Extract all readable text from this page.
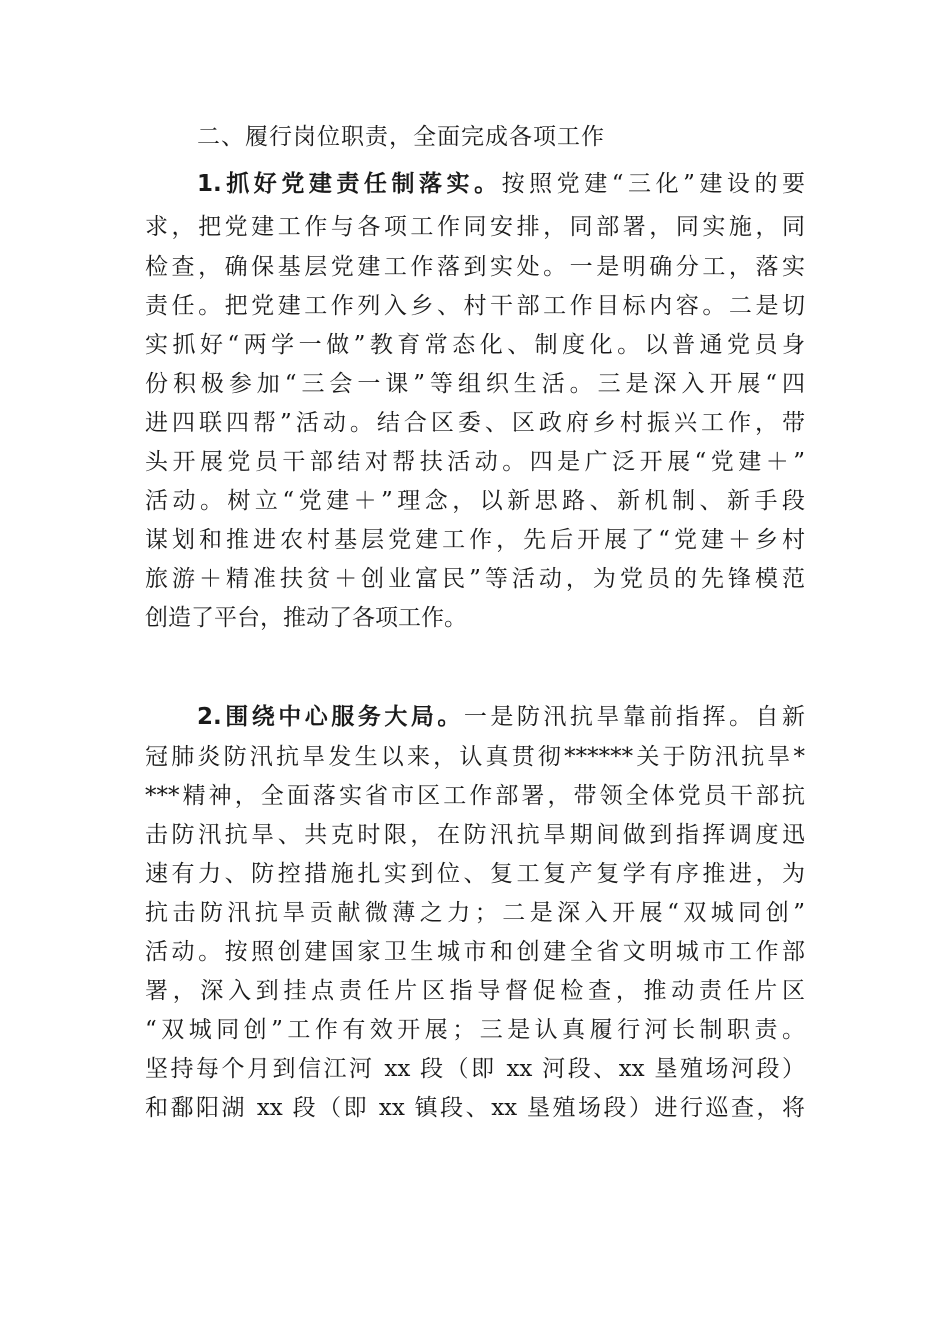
二、履行岗位职责，全面完成各项工作
1.抓好党建责任制落实。按照党建“三化”建设的要
求，把党建工作与各项工作同安排，同部署，同实施，同
检查，确保基层党建工作落到实处。一是明确分工，落实
责任。把党建工作列入乡、村干部工作目标内容。二是切
实抓好“两学一做”教育常态化、制度化。以普通党员身
份积极参加“三会一课”等组织生活。三是深入开展“四
进四联四帮”活动。结合区委、区政府乡村振兴工作，带
头开展党员干部结对帮扶活动。四是广泛开展“党建＋”
活动。树立“党建＋”理念，以新思路、新机制、新手段
谋划和推进农村基层党建工作，先后开展了“党建＋乡村
旅游＋精准扶贫＋创业富民”等活动，为党员的先锋模范
创造了平台，推动了各项工作。
2.围绕中心服务大局。一是防汛抗旱靠前指挥。自新
冠肺炎防汛抗旱发生以来，认真贯彻******关于防汛抗旱*
***精神，全面落实省市区工作部署，带领全体党员干部抗
击防汛抗旱、共克时限，在防汛抗旱期间做到指挥调度迅
速有力、防控措施扎实到位、复工复产复学有序推进，为
抗击防汛抗旱贡献微薄之力；二是深入开展“双城同创”
活动。按照创建国家卫生城市和创建全省文明城市工作部
署，深入到挂点责任片区指导督促检查，推动责任片区
“双城同创”工作有效开展；三是认真履行河长制职责。
坚持每个月到信江河 xx 段（即 xx 河段、xx 垦殖场河段）
和鄱阳湖 xx 段（即 xx 镇段、xx 垦殖场段）进行巡查，将
